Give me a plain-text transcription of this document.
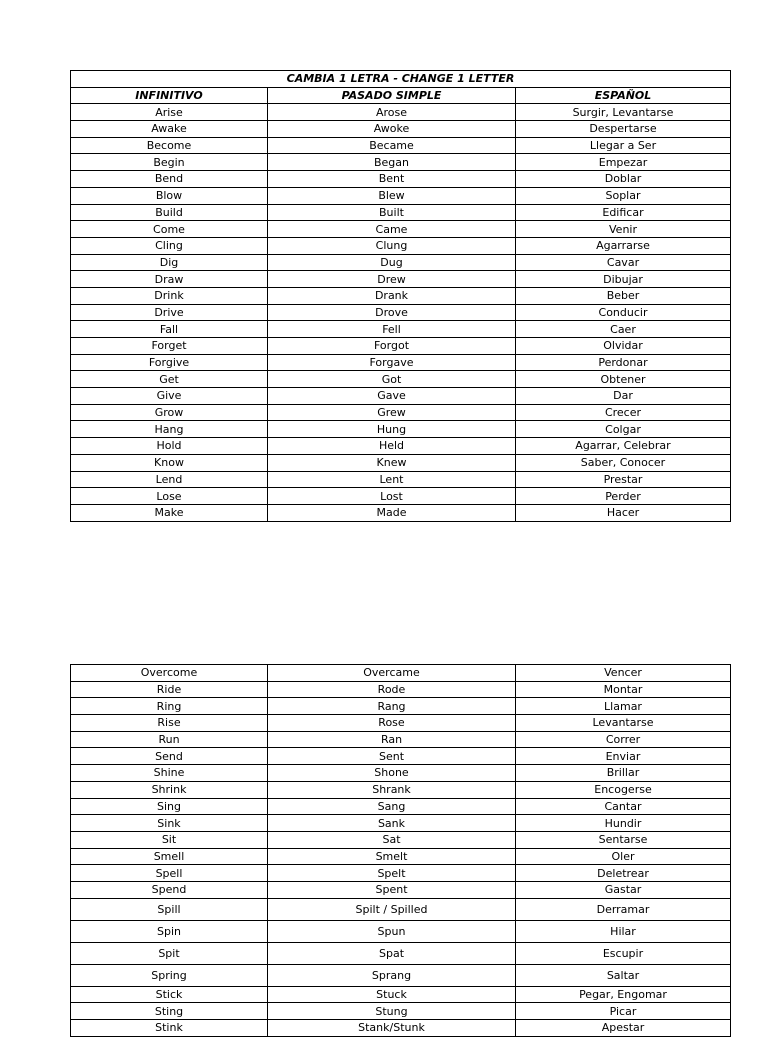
CAMBIA 1 LETRA - CHANGE 1 LETTER		
INFINITIVO	PASADO SIMPLE	ESPAÑOL
Arise	Arose	Surgir, Levantarse
Awake	Awoke	Despertarse
Become	Became	Llegar a Ser
Begin	Began	Empezar
Bend	Bent	Doblar
Blow	Blew	Soplar
Build	Built	Edificar
Come	Came	Venir
Cling	Clung	Agarrarse
Dig	Dug	Cavar
Draw	Drew	Dibujar
Drink	Drank	Beber
Drive	Drove	Conducir
Fall	Fell	Caer
Forget	Forgot	Olvidar
Forgive	Forgave	Perdonar
Get	Got	Obtener
Give	Gave	Dar
Grow	Grew	Crecer
Hang	Hung	Colgar
Hold	Held	Agarrar, Celebrar
Know	Knew	Saber, Conocer
Lend	Lent	Prestar
Lose	Lost	Perder
Make	Made	Hacer
Overcome	Overcame	Vencer
Ride	Rode	Montar
Ring	Rang	Llamar
Rise	Rose	Levantarse
Run	Ran	Correr
Send	Sent	Enviar
Shine	Shone	Brillar
Shrink	Shrank	Encogerse
Sing	Sang	Cantar
Sink	Sank	Hundir
Sit	Sat	Sentarse
Smell	Smelt	Oler
Spell	Spelt	Deletrear
Spend	Spent	Gastar
Spill	Spilt / Spilled	Derramar
Spin	Spun	Hilar
Spit	Spat	Escupir
Spring	Sprang	Saltar
Stick	Stuck	Pegar, Engomar
Sting	Stung	Picar
Stink	Stank/Stunk	Apestar
